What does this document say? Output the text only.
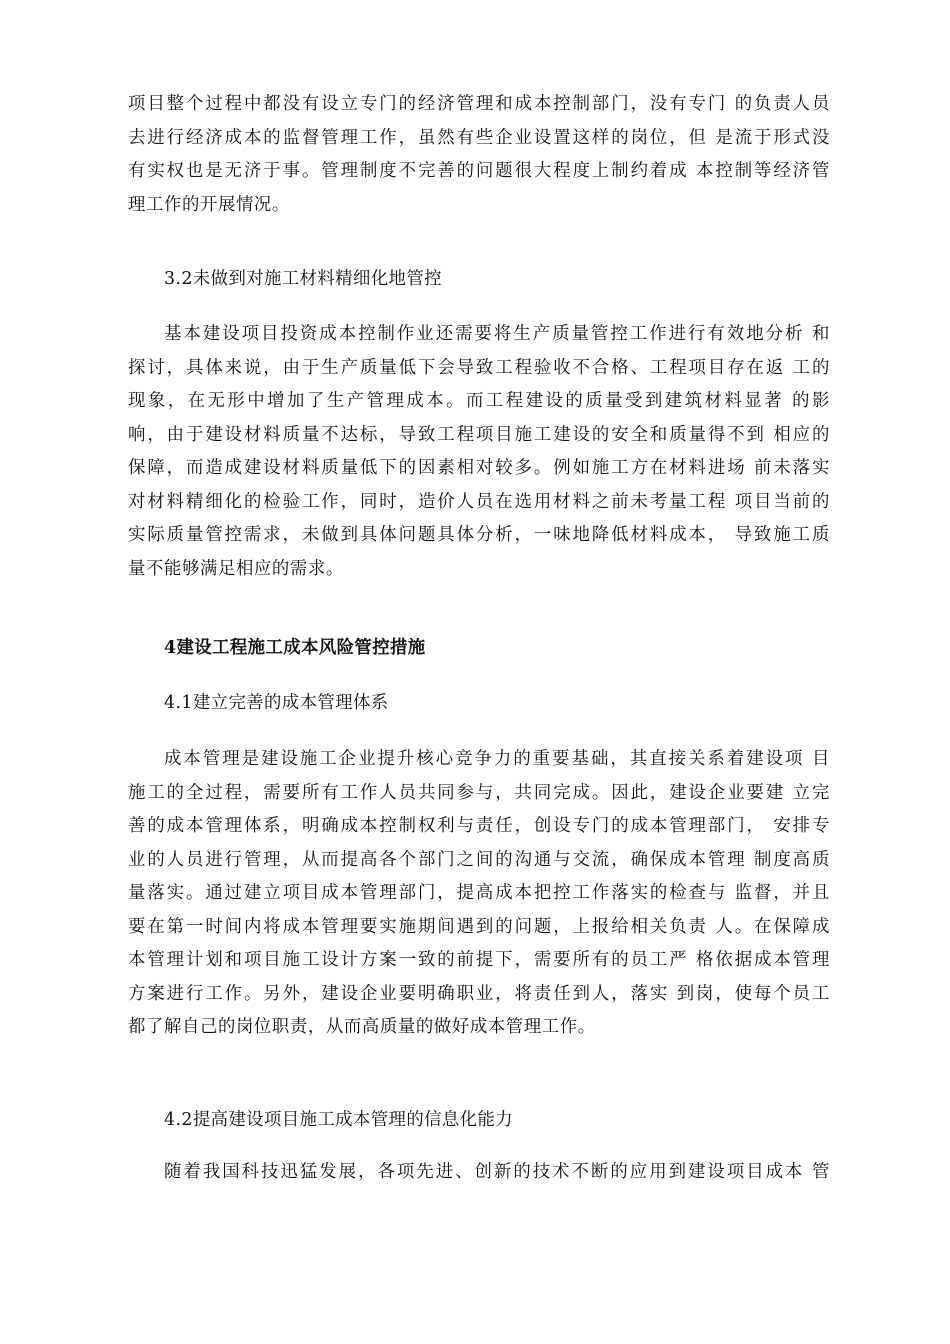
项目整个过程中都没有设立专门的经济管理和成本控制部门，没有专门 的负责人员
去进行经济成本的监督管理工作，虽然有些企业设置这样的岗位，但 是流于形式没
有实权也是无济于事。管理制度不完善的问题很大程度上制约着成 本控制等经济管
理工作的开展情况。
3.2未做到对施工材料精细化地管控
基本建设项目投资成本控制作业还需要将生产质量管控工作进行有效地分析 和
探讨，具体来说，由于生产质量低下会导致工程验收不合格、工程项目存在返 工的
现象，在无形中增加了生产管理成本。而工程建设的质量受到建筑材料显著 的影
响，由于建设材料质量不达标，导致工程项目施工建设的安全和质量得不到 相应的
保障，而造成建设材料质量低下的因素相对较多。例如施工方在材料进场 前未落实
对材料精细化的检验工作，同时，造价人员在选用材料之前未考量工程 项目当前的
实际质量管控需求，未做到具体问题具体分析，一味地降低材料成本， 导致施工质
量不能够满足相应的需求。
4建设工程施工成本风险管控措施
4.1建立完善的成本管理体系
成本管理是建设施工企业提升核心竞争力的重要基础，其直接关系着建设项 目
施工的全过程，需要所有工作人员共同参与，共同完成。因此，建设企业要建 立完
善的成本管理体系，明确成本控制权利与责任，创设专门的成本管理部门， 安排专
业的人员进行管理，从而提高各个部门之间的沟通与交流，确保成本管理 制度高质
量落实。通过建立项目成本管理部门，提高成本把控工作落实的检查与 监督，并且
要在第一时间内将成本管理要实施期间遇到的问题，上报给相关负责 人。在保障成
本管理计划和项目施工设计方案一致的前提下，需要所有的员工严 格依据成本管理
方案进行工作。另外，建设企业要明确职业，将责任到人，落实 到岗，使每个员工
都了解自己的岗位职责，从而高质量的做好成本管理工作。
4.2提高建设项目施工成本管理的信息化能力
随着我国科技迅猛发展，各项先进、创新的技术不断的应用到建设项目成本 管
